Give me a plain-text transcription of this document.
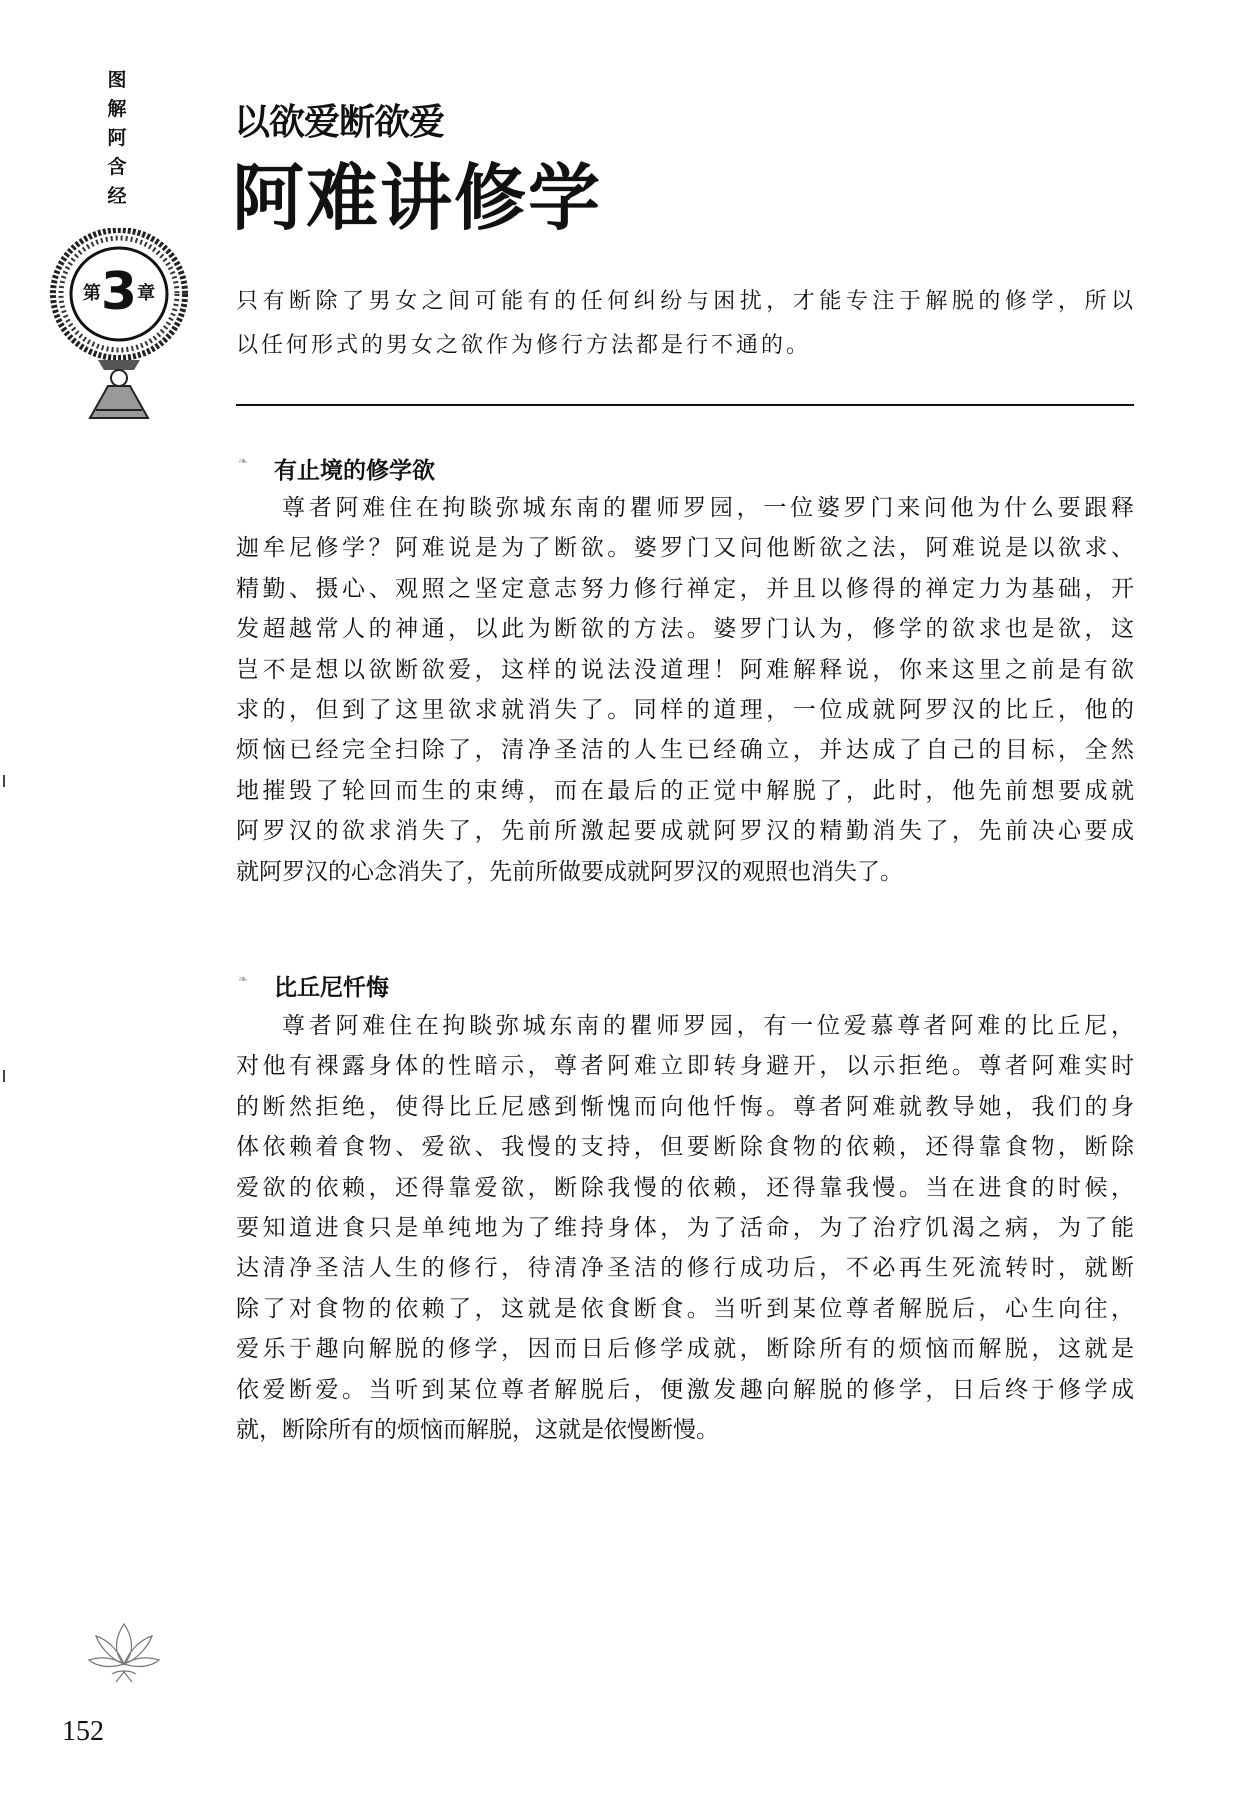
图
解
阿
含
经
第3章
以欲爱断欲爱
阿难讲修学
只有断除了男女之间可能有的任何纠纷与困扰，才能专注于解脱的修学，所以
以任何形式的男女之欲作为修行方法都是行不通的。
❧ 有止境的修学欲
尊者阿难住在拘睒弥城东南的瞿师罗园，一位婆罗门来问他为什么要跟释
迦牟尼修学？阿难说是为了断欲。婆罗门又问他断欲之法，阿难说是以欲求、
精勤、摄心、观照之坚定意志努力修行禅定，并且以修得的禅定力为基础，开
发超越常人的神通，以此为断欲的方法。婆罗门认为，修学的欲求也是欲，这
岂不是想以欲断欲爱，这样的说法没道理！阿难解释说，你来这里之前是有欲
求的，但到了这里欲求就消失了。同样的道理，一位成就阿罗汉的比丘，他的
烦恼已经完全扫除了，清净圣洁的人生已经确立，并达成了自己的目标，全然
地摧毁了轮回而生的束缚，而在最后的正觉中解脱了，此时，他先前想要成就
阿罗汉的欲求消失了，先前所激起要成就阿罗汉的精勤消失了，先前决心要成
就阿罗汉的心念消失了，先前所做要成就阿罗汉的观照也消失了。
❧ 比丘尼忏悔
尊者阿难住在拘睒弥城东南的瞿师罗园，有一位爱慕尊者阿难的比丘尼，
对他有裸露身体的性暗示，尊者阿难立即转身避开，以示拒绝。尊者阿难实时
的断然拒绝，使得比丘尼感到惭愧而向他忏悔。尊者阿难就教导她，我们的身
体依赖着食物、爱欲、我慢的支持，但要断除食物的依赖，还得靠食物，断除
爱欲的依赖，还得靠爱欲，断除我慢的依赖，还得靠我慢。当在进食的时候，
要知道进食只是单纯地为了维持身体，为了活命，为了治疗饥渴之病，为了能
达清净圣洁人生的修行，待清净圣洁的修行成功后，不必再生死流转时，就断
除了对食物的依赖了，这就是依食断食。当听到某位尊者解脱后，心生向往，
爱乐于趣向解脱的修学，因而日后修学成就，断除所有的烦恼而解脱，这就是
依爱断爱。当听到某位尊者解脱后，便激发趣向解脱的修学，日后终于修学成
就，断除所有的烦恼而解脱，这就是依慢断慢。
152
